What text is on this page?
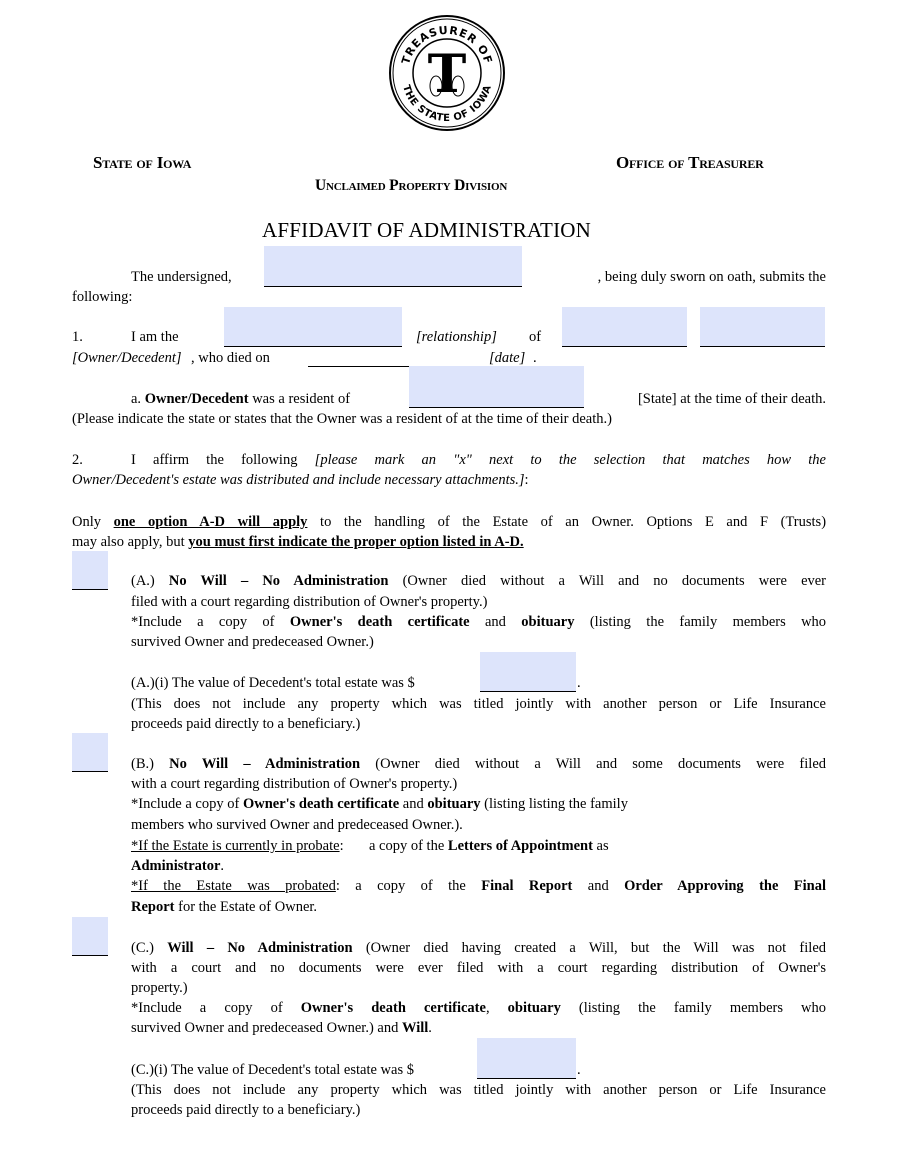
TREASURER OF
THE STATE OF IOWA
T
State of Iowa	Office of Treasurer
Unclaimed Property Division
AFFIDAVIT OF ADMINISTRATION
The undersigned,	, being duly sworn on oath, submits the
following:
1.	I am the	[relationship] of
[Owner/Decedent] , who died on	[date] .
a. Owner/Decedent was a resident of	[State] at the time of their death.
(Please indicate the state or states that the Owner was a resident of at the time of their death.)
2.	I affirm the following [please mark an "x" next to the selection that matches how the
Owner/Decedent's estate was distributed and include necessary attachments.]:
Only one option A-D will apply to the handling of the Estate of an Owner. Options E and F (Trusts)
may also apply, but you must first indicate the proper option listed in A-D.
(A.) No Will – No Administration (Owner died without a Will and no documents were ever
filed with a court regarding distribution of Owner's property.)
*Include a copy of Owner's death certificate and obituary (listing the family members who
survived Owner and predeceased Owner.)
(A.)(i) The value of Decedent's total estate was $	.
(This does not include any property which was titled jointly with another person or Life Insurance
proceeds paid directly to a beneficiary.)
(B.) No Will – Administration (Owner died without a Will and some documents were filed
with a court regarding distribution of Owner's property.)
*Include a copy of Owner's death certificate and obituary (listing listing the family
members who survived Owner and predeceased Owner.).
*If the Estate is currently in probate:       a copy of the Letters of Appointment as
Administrator.
*If the Estate was probated: a copy of the Final Report and Order Approving the Final
Report for the Estate of Owner.
(C.) Will – No Administration (Owner died having created a Will, but the Will was not filed
with a court and no documents were ever filed with a court regarding distribution of Owner's
property.)
*Include a copy of Owner's death certificate, obituary (listing the family members who
survived Owner and predeceased Owner.) and Will.
(C.)(i) The value of Decedent's total estate was $	.
(This does not include any property which was titled jointly with another person or Life Insurance
proceeds paid directly to a beneficiary.)
